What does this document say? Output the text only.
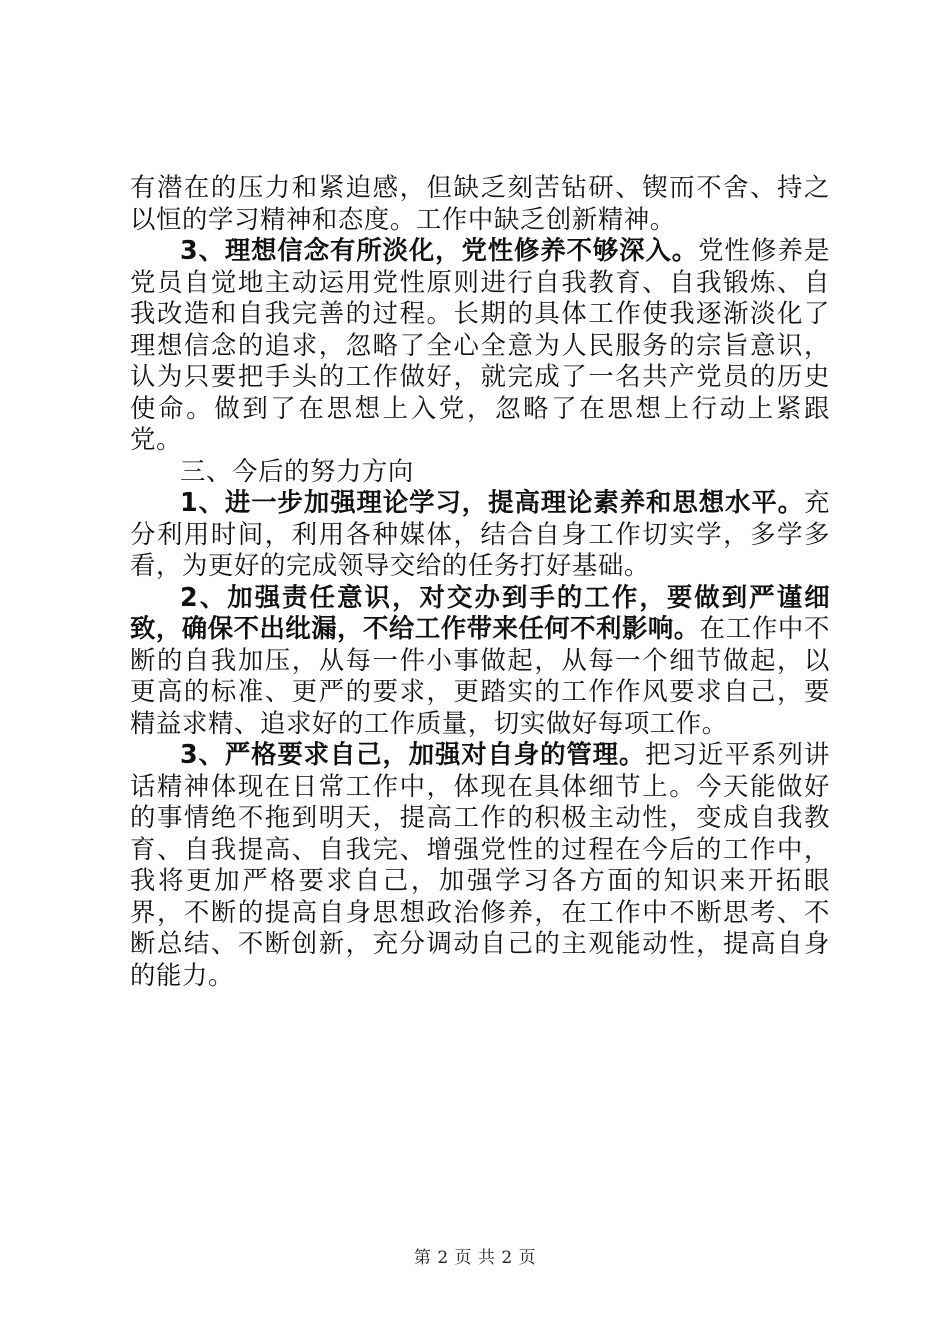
有潜在的压力和紧迫感，但缺乏刻苦钻研、锲而不舍、持之以恒的学习精神和态度。工作中缺乏创新精神。

3、理想信念有所淡化，党性修养不够深入。党性修养是党员自觉地主动运用党性原则进行自我教育、自我锻炼、自我改造和自我完善的过程。长期的具体工作使我逐渐淡化了理想信念的追求，忽略了全心全意为人民服务的宗旨意识，认为只要把手头的工作做好，就完成了一名共产党员的历史使命。做到了在思想上入党，忽略了在思想上行动上紧跟党。

三、今后的努力方向

1、进一步加强理论学习，提高理论素养和思想水平。充分利用时间，利用各种媒体，结合自身工作切实学，多学多看，为更好的完成领导交给的任务打好基础。

2、加强责任意识，对交办到手的工作，要做到严谨细致，确保不出纰漏，不给工作带来任何不利影响。在工作中不断的自我加压，从每一件小事做起，从每一个细节做起，以更高的标准、更严的要求，更踏实的工作作风要求自己，要精益求精、追求好的工作质量，切实做好每项工作。

3、严格要求自己，加强对自身的管理。把习近平系列讲话精神体现在日常工作中，体现在具体细节上。今天能做好的事情绝不拖到明天，提高工作的积极主动性，变成自我教育、自我提高、自我完、增强党性的过程在今后的工作中，我将更加严格要求自己，加强学习各方面的知识来开拓眼界，不断的提高自身思想政治修养，在工作中不断思考、不断总结、不断创新，充分调动自己的主观能动性，提高自身的能力。

第 2 页 共 2 页
